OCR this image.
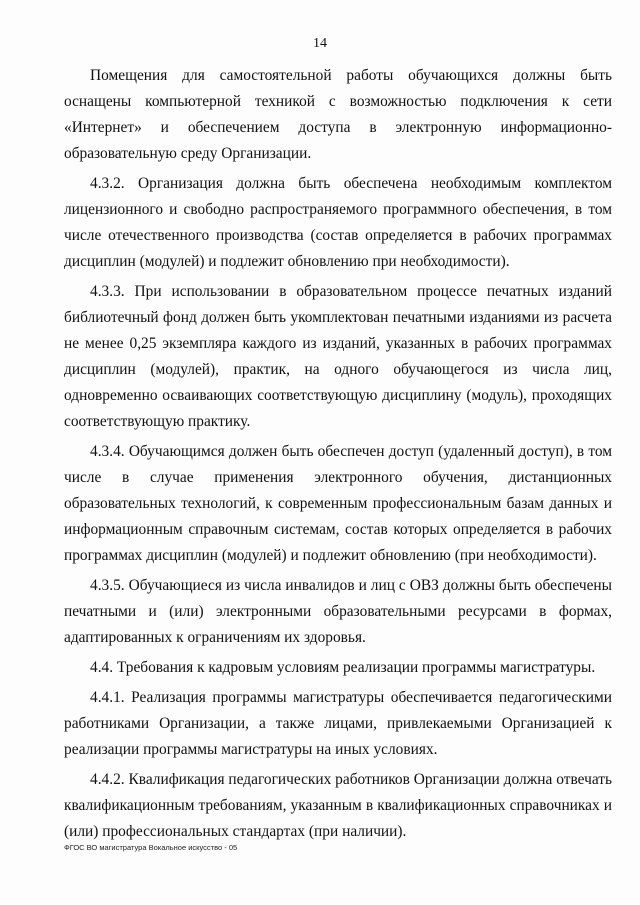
14

Помещения для самостоятельной работы обучающихся должны быть оснащены компьютерной техникой с возможностью подключения к сети «Интернет» и обеспечением доступа в электронную информационно-образовательную среду Организации.

4.3.2. Организация должна быть обеспечена необходимым комплектом лицензионного и свободно распространяемого программного обеспечения, в том числе отечественного производства (состав определяется в рабочих программах дисциплин (модулей) и подлежит обновлению при необходимости).

4.3.3. При использовании в образовательном процессе печатных изданий библиотечный фонд должен быть укомплектован печатными изданиями из расчета не менее 0,25 экземпляра каждого из изданий, указанных в рабочих программах дисциплин (модулей), практик, на одного обучающегося из числа лиц, одновременно осваивающих соответствующую дисциплину (модуль), проходящих соответствующую практику.

4.3.4. Обучающимся должен быть обеспечен доступ (удаленный доступ), в том числе в случае применения электронного обучения, дистанционных образовательных технологий, к современным профессиональным базам данных и информационным справочным системам, состав которых определяется в рабочих программах дисциплин (модулей) и подлежит обновлению (при необходимости).

4.3.5. Обучающиеся из числа инвалидов и лиц с ОВЗ должны быть обеспечены печатными и (или) электронными образовательными ресурсами в формах, адаптированных к ограничениям их здоровья.

4.4. Требования к кадровым условиям реализации программы магистратуры.

4.4.1. Реализация программы магистратуры обеспечивается педагогическими работниками Организации, а также лицами, привлекаемыми Организацией к реализации программы магистратуры на иных условиях.

4.4.2. Квалификация педагогических работников Организации должна отвечать квалификационным требованиям, указанным в квалификационных справочниках и (или) профессиональных стандартах (при наличии).

ФГОС ВО магистратура Вокальное искусство - 05
